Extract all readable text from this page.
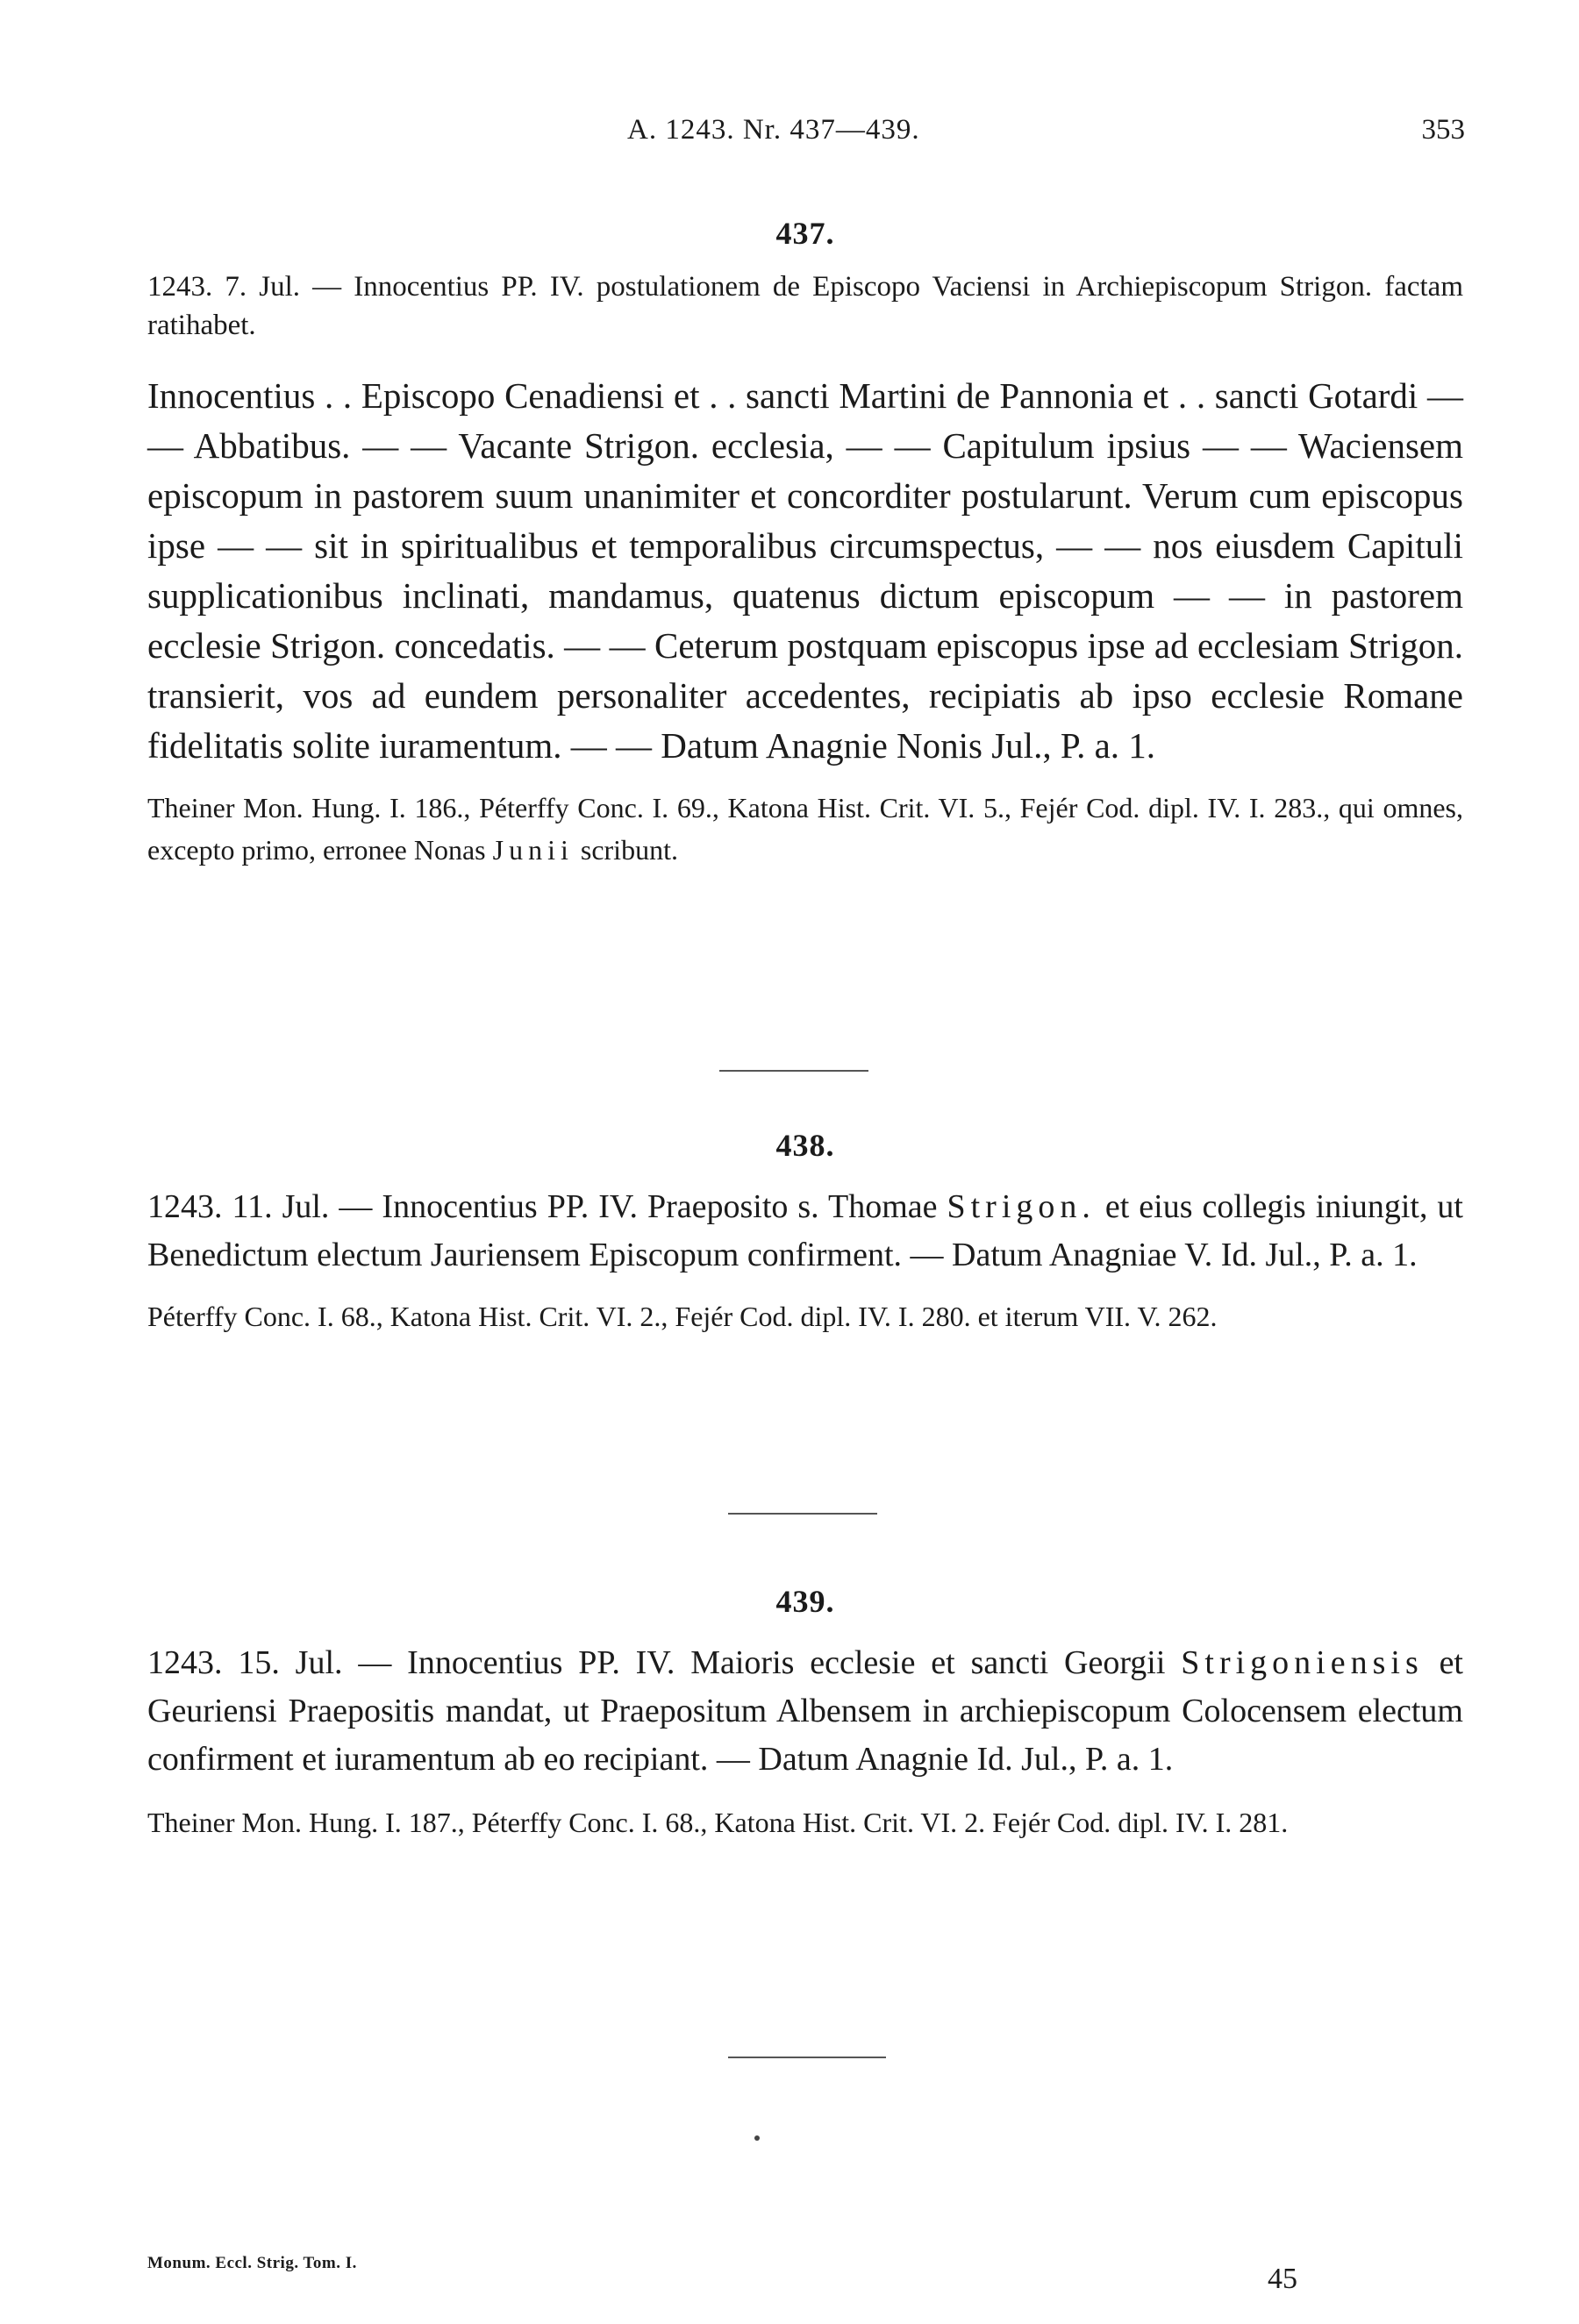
A. 1243. Nr. 437—439.	353
437.
1243. 7. Jul. — Innocentius PP. IV. postulationem de Episcopo Vaciensi in Archiepiscopum Strigon. factam ratihabet.
Innocentius . . Episcopo Cenadiensi et . . sancti Martini de Pannonia et . . sancti Gotardi — — Abbatibus. — — Vacante Strigon. ecclesia, — — Capitulum ipsius — — Waciensem episcopum in pastorem suum unanimiter et concorditer postularunt. Verum cum episcopus ipse — — sit in spiritualibus et temporalibus circumspectus, — — nos eiusdem Capituli supplicationibus inclinati, mandamus, quatenus dictum episcopum — — in pastorem ecclesie Strigon. concedatis. — — Ceterum postquam episcopus ipse ad ecclesiam Strigon. transierit, vos ad eundem personaliter accedentes, recipiatis ab ipso ecclesie Romane fidelitatis solite iuramentum. — — Datum Anagnie Nonis Jul., P. a. 1.
Theiner Mon. Hung. I. 186., Péterffy Conc. I. 69., Katona Hist. Crit. VI. 5., Fejér Cod. dipl. IV. I. 283., qui omnes, excepto primo, erronee Nonas Junii scribunt.
438.
1243. 11. Jul. — Innocentius PP. IV. Praeposito s. Thomae Strigon. et eius collegis iniungit, ut Benedictum electum Jauriensem Episcopum confirment. — Datum Anagniae V. Id. Jul., P. a. 1.
Péterffy Conc. I. 68., Katona Hist. Crit. VI. 2., Fejér Cod. dipl. IV. I. 280. et iterum VII. V. 262.
439.
1243. 15. Jul. — Innocentius PP. IV. Maioris ecclesie et sancti Georgii Strigoniensis et Geuriensi Praepositis mandat, ut Praepositum Albensem in archiepiscopum Colocensem electum confirment et iuramentum ab eo recipiant. — Datum Anagnie Id. Jul., P. a. 1.
Theiner Mon. Hung. I. 187., Péterffy Conc. I. 68., Katona Hist. Crit. VI. 2. Fejér Cod. dipl. IV. I. 281.
Monum. Eccl. Strig. Tom. I.	45
